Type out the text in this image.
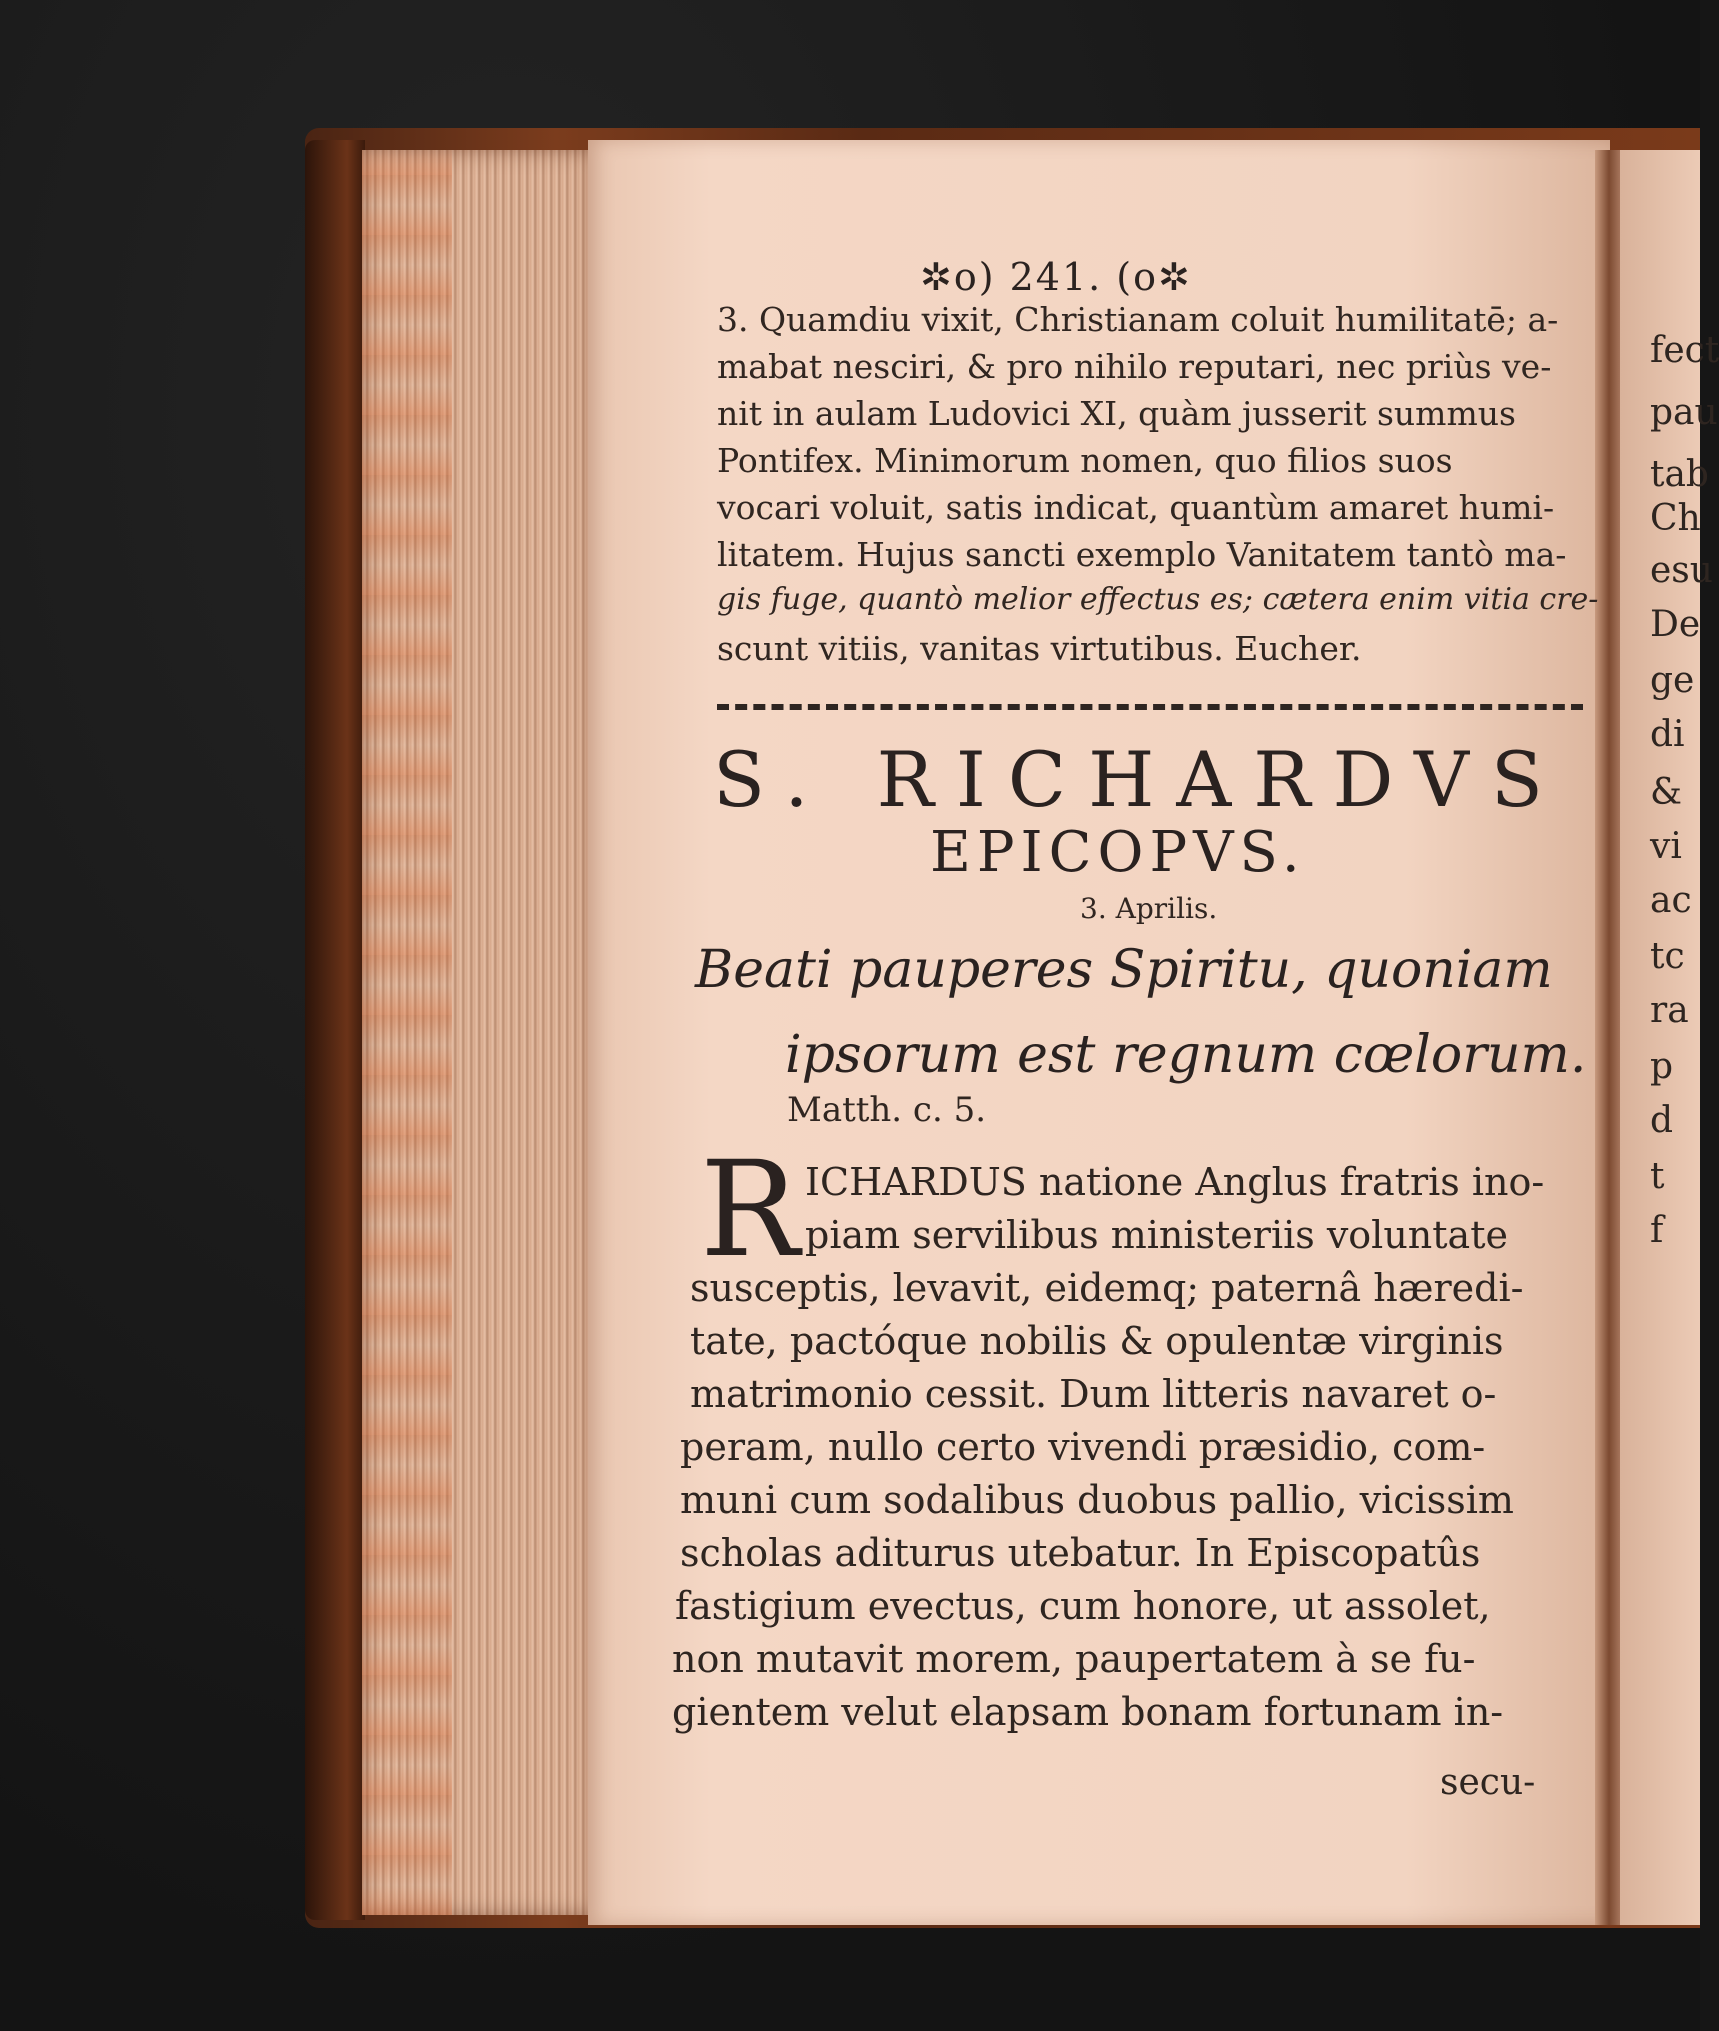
✲o) 241. (o✲
3. Quamdiu vixit, Christianam coluit humilitatē; a-
mabat nesciri, & pro nihilo reputari, nec priùs ve-
nit in aulam Ludovici XI, quàm jusserit summus
Pontifex. Minimorum nomen, quo filios suos
vocari voluit, satis indicat, quantùm amaret humi-
litatem. Hujus sancti exemplo Vanitatem tantò ma-
gis fuge, quantò melior effectus es; cætera enim vitia cre-
scunt vitiis, vanitas virtutibus. Eucher.
S. RICHARDVS
EPICOPVS.
3. Aprilis.
Beati pauperes Spiritu, quoniam
ipsorum est regnum cœlorum.
Matth. c. 5.
R ICHARDUS natione Anglus fratris ino-
piam servilibus ministeriis voluntate
susceptis, levavit, eidemq; paternâ hæredi-
tate, pactóque nobilis & opulentæ virginis
matrimonio cessit. Dum litteris navaret o-
peram, nullo certo vivendi præsidio, com-
muni cum sodalibus duobus pallio, vicissim
scholas aditurus utebatur. In Episcopatûs
fastigium evectus, cum honore, ut assolet,
non mutavit morem, paupertatem à se fu-
gientem velut elapsam bonam fortunam in-
secu-
fect
pau
tab
Ch
esu
De
ge
di
&
vi
ac
tc
ra
p
d
t
f
